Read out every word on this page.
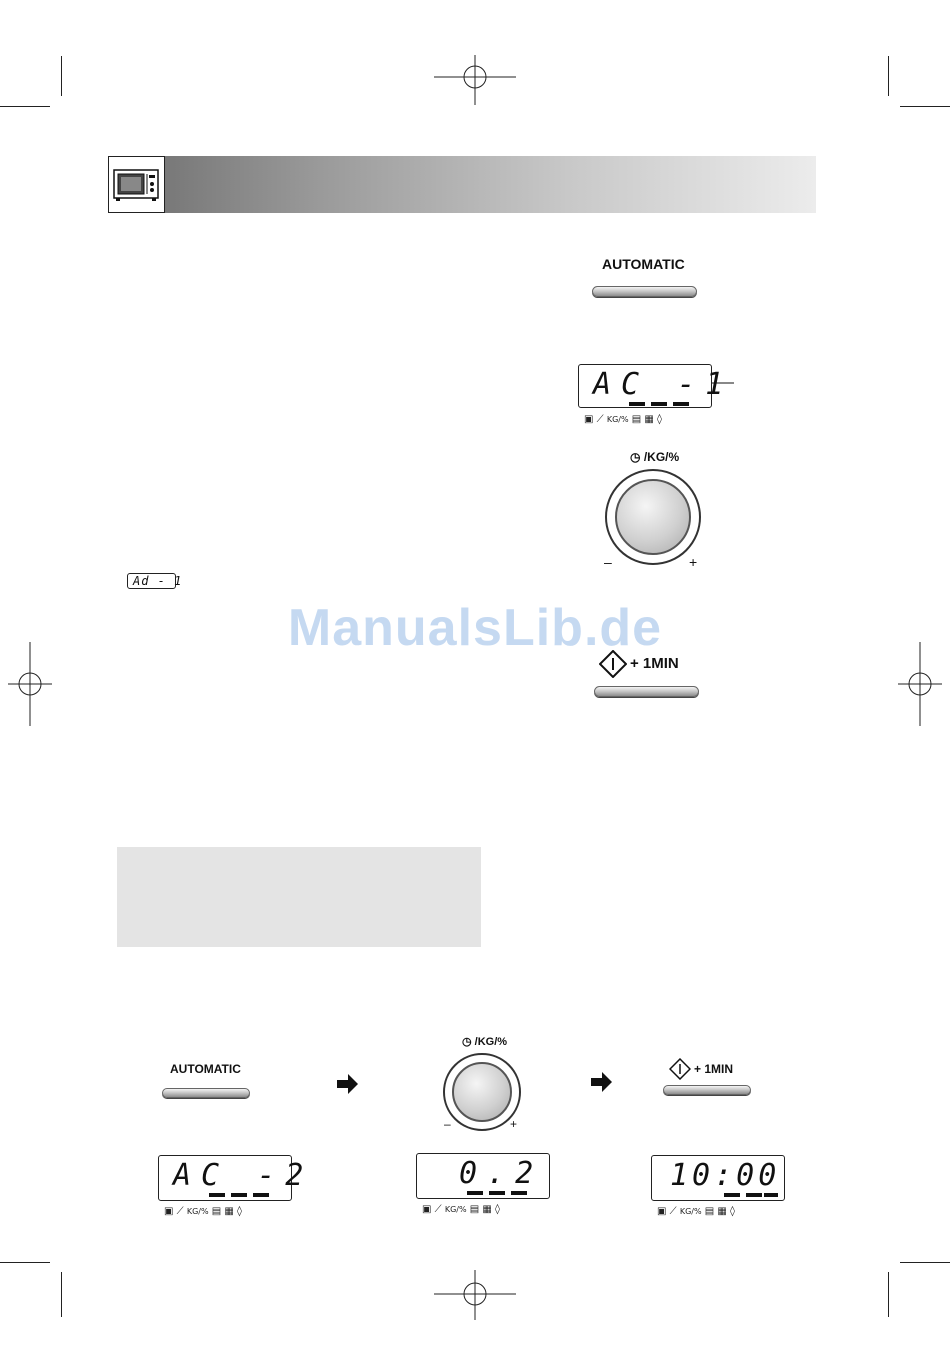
AUTOMATIC
AC -1
▣ ⟋ KG/% ▤ ▦ ◊
◷ /KG/%
–	+
+ 1MIN
Ad - 1
ManualsLib.de
AUTOMATIC
◷ /KG/%
–	+
+ 1MIN
AC -2
▣ ⟋ KG/% ▤ ▦ ◊
0.2
▣ ⟋ KG/% ▤ ▦ ◊
10:00
▣ ⟋ KG/% ▤ ▦ ◊
